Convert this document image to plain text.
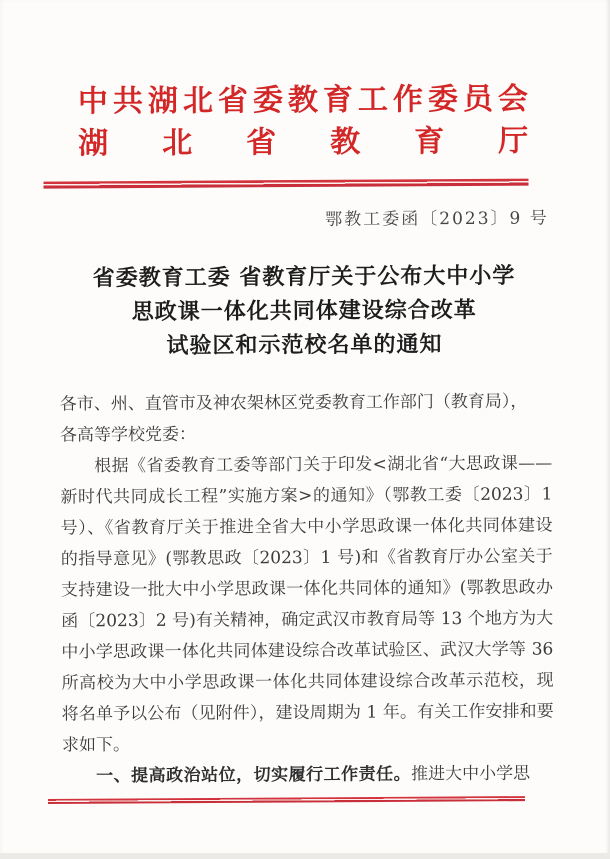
中共湖北省委教育工作委员会
湖北省教育厅
鄂教工委函〔2023〕9 号
省委教育工委 省教育厅关于公布大中小学
思政课一体化共同体建设综合改革
试验区和示范校名单的通知
各市、州、直管市及神农架林区党委教育工作部门（教育局），
各高等学校党委：
根据《省委教育工委等部门关于印发<湖北省“大思政课——新时代共同成长工程”实施方案>的通知》（鄂教工委〔2023〕1 号）、《省教育厅关于推进全省大中小学思政课一体化共同体建设的指导意见》(鄂教思政〔2023〕1 号)和《省教育厅办公室关于支持建设一批大中小学思政课一体化共同体的通知》(鄂教思政办函〔2023〕2 号)有关精神，确定武汉市教育局等 13 个地方为大中小学思政课一体化共同体建设综合改革试验区、武汉大学等 36 所高校为大中小学思政课一体化共同体建设综合改革示范校，现将名单予以公布（见附件），建设周期为 1 年。有关工作安排和要求如下。
一、提高政治站位，切实履行工作责任。推进大中小学思
